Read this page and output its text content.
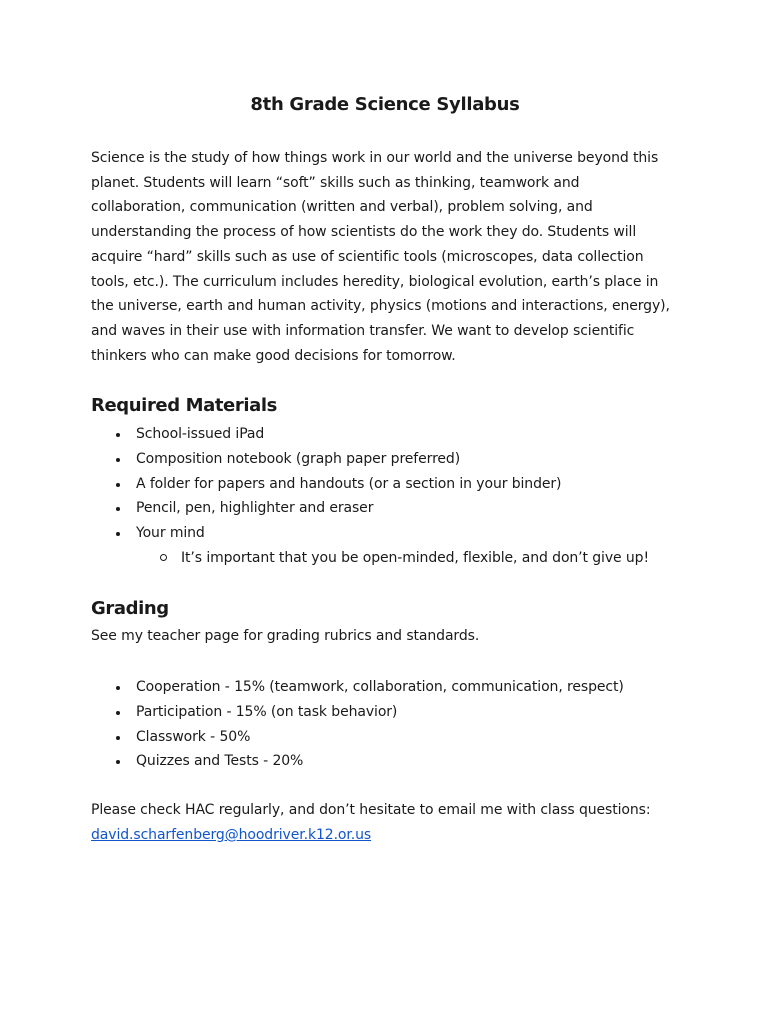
8th Grade Science Syllabus
Science is the study of how things work in our world and the universe beyond this
planet. Students will learn “soft” skills such as thinking, teamwork and
collaboration, communication (written and verbal), problem solving, and
understanding the process of how scientists do the work they do. Students will
acquire “hard” skills such as use of scientific tools (microscopes, data collection
tools, etc.). The curriculum includes heredity, biological evolution, earth’s place in
the universe, earth and human activity, physics (motions and interactions, energy),
and waves in their use with information transfer. We want to develop scientific
thinkers who can make good decisions for tomorrow.
Required Materials
School-issued iPad
Composition notebook (graph paper preferred)
A folder for papers and handouts (or a section in your binder)
Pencil, pen, highlighter and eraser
Your mind
It’s important that you be open-minded, flexible, and don’t give up!
Grading
See my teacher page for grading rubrics and standards.
Cooperation - 15% (teamwork, collaboration, communication, respect)
Participation - 15% (on task behavior)
Classwork - 50%
Quizzes and Tests - 20%
Please check HAC regularly, and don’t hesitate to email me with class questions:
david.scharfenberg@hoodriver.k12.or.us
